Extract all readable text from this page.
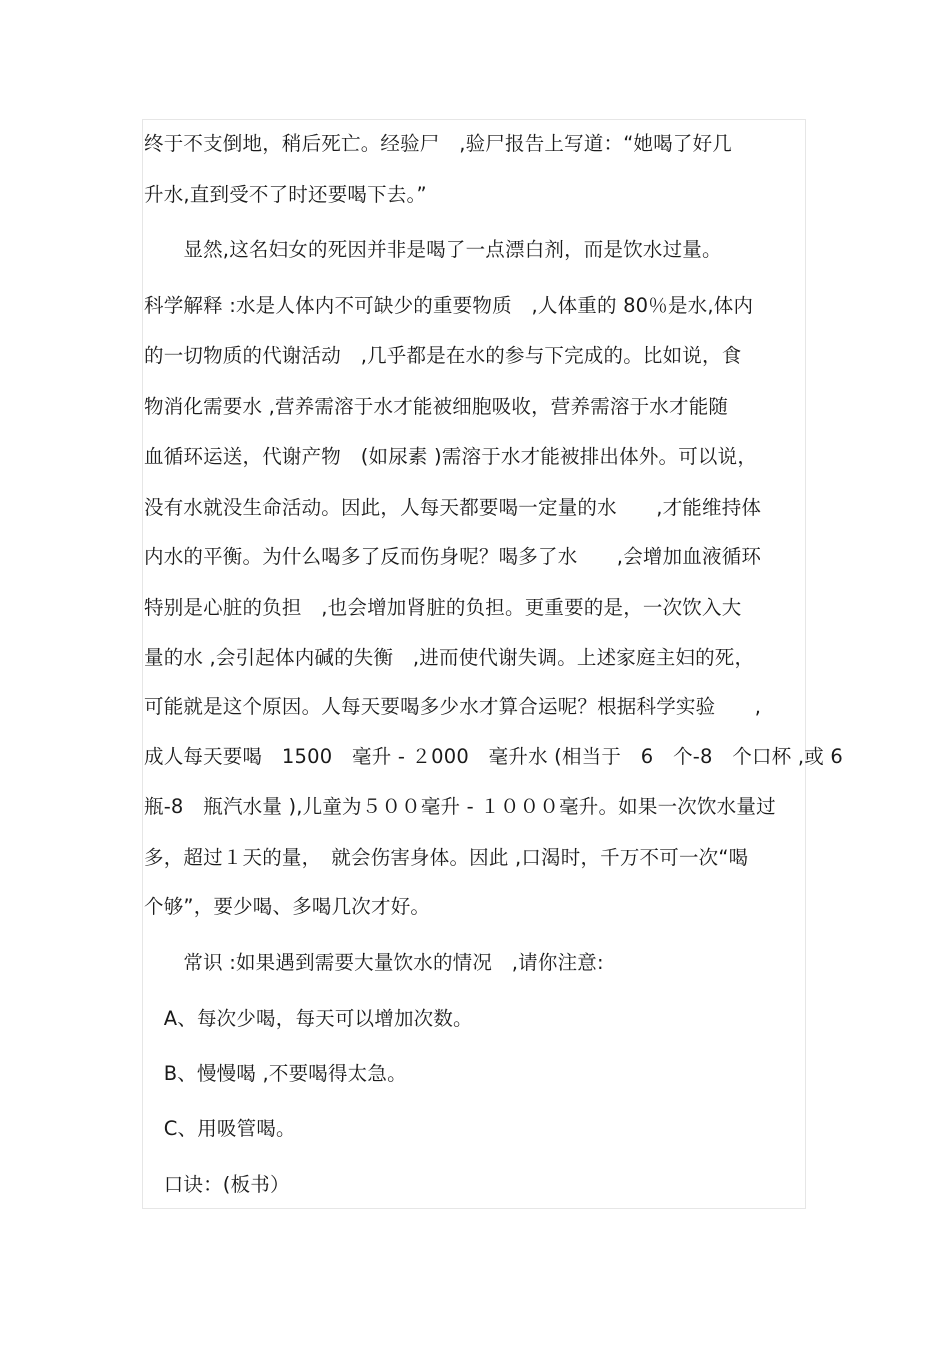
终于不支倒地，稍后死亡。经验尸　,验尸报告上写道：“她喝了好几
升水,直到受不了时还要喝下去。”
　　显然,这名妇女的死因并非是喝了一点漂白剂，而是饮水过量。
科学解释 :水是人体内不可缺少的重要物质　,人体重的 80％是水,体内
的一切物质的代谢活动　,几乎都是在水的参与下完成的。比如说，食
物消化需要水 ,营养需溶于水才能被细胞吸收，营养需溶于水才能随
血循环运送，代谢产物　(如尿素 )需溶于水才能被排出体外。可以说，
没有水就没生命活动。因此，人每天都要喝一定量的水　　,才能维持体
内水的平衡。为什么喝多了反而伤身呢？喝多了水　　,会增加血液循环
特别是心脏的负担　,也会增加肾脏的负担。更重要的是，一次饮入大
量的水 ,会引起体内碱的失衡　,进而使代谢失调。上述家庭主妇的死，
可能就是这个原因。人每天要喝多少水才算合运呢？根据科学实验　　,
成人每天要喝　1500　毫升 - ２000　毫升水 (相当于　6　个-8　个口杯 ,或 6
瓶-8　瓶汽水量 ),儿童为５００毫升 - １０００毫升。如果一次饮水量过
多，超过１天的量，　就会伤害身体。因此 ,口渴时，千万不可一次“喝
个够”，要少喝、多喝几次才好。
　　常识 :如果遇到需要大量饮水的情况　,请你注意:
　A、每次少喝，每天可以增加次数。
　B、慢慢喝 ,不要喝得太急。
　C、用吸管喝。
　口诀：(板书）
